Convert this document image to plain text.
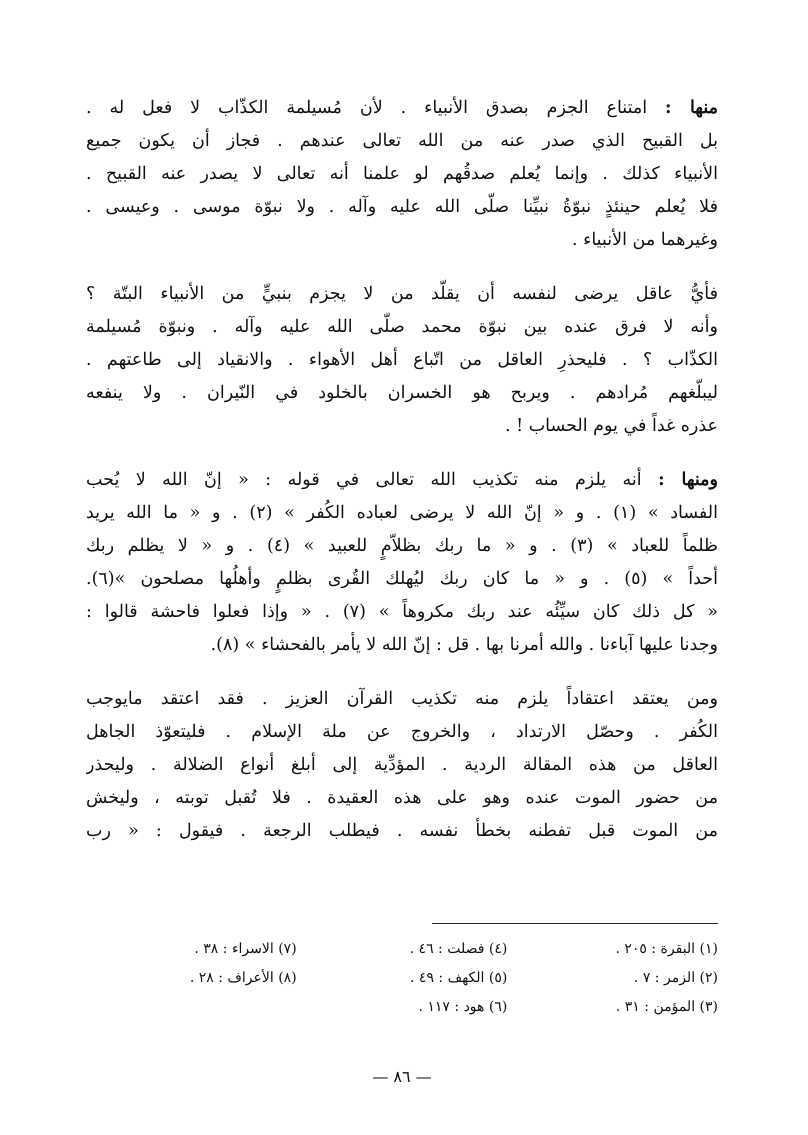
منها : امتناع الجزم بصدق الأنبياء . لأن مُسيلمة الكذّاب لا فعل له .
بل القبيح الذي صدر عنه من الله تعالى عندهم . فجاز أن يكون جميع
الأنبياء كذلك . وإنما يُعلم صدقُهم لو علمنا أنه تعالى لا يصدر عنه القبيح .
فلا يُعلم حينئذٍ نبوّةُ نبيِّنا صلّى الله عليه وآله . ولا نبوّة موسى . وعيسى .
وغيرهما من الأنبياء .
فأيُّ عاقل يرضى لنفسه أن يقلّد من لا يجزم بنبيٍّ من الأنبياء البتّة ؟
وأنه لا فرق عنده بين نبوّة محمد صلّى الله عليه وآله . ونبوّة مُسيلمة
الكذّاب ؟ . فليحذرِ العاقل من اتّباع أهل الأهواء . والانقياد إلى طاعتهم .
ليبلّغهم مُرادهم . ويربح هو الخسران بالخلود في النّيران . ولا ينفعه
عذره غداً في يوم الحساب ! .
ومنها : أنه يلزم منه تكذيب الله تعالى في قوله : « إنّ الله لا يُحب
الفساد » (١) . و « إنّ الله لا يرضى لعباده الكُفر » (٢) . و « ما الله يريد
ظلماً للعباد » (٣) . و « ما ربك بظلاّمٍ للعبيد » (٤) . و « لا يظلم ربك
أحداً » (٥) . و « ما كان ربك ليُهلك القُرى بظلمٍ وأهلُها مصلحون »(٦).
« كل ذلك كان سيِّئُه عند ربك مكروهاً » (٧) . « وإذا فعلوا فاحشة قالوا :
وجدنا عليها آباءنا . والله أمرنا بها . قل : إنّ الله لا يأمر بالفحشاء » (٨).
ومن يعتقد اعتقاداً يلزم منه تكذيب القرآن العزيز . فقد اعتقد مايوجب
الكُفر . وحصّل الارتداد ، والخروج عن ملة الإسلام . فليتعوّذ الجاهل
العاقل من هذه المقالة الردية . المؤدِّية إلى أبلغ أنواع الضلالة . وليحذر
من حضور الموت عنده وهو على هذه العقيدة . فلا تُقبل توبته ، وليخش
من الموت قبل تفطنه بخطأ نفسه . فيطلب الرجعة . فيقول : « رب
(١) البقرة : ٢٠٥ .
(٢) الزمر : ٧ .
(٣) المؤمن : ٣١ .
(٤) فصلت : ٤٦ .
(٥) الكهف : ٤٩ .
(٦) هود : ١١٧ .
(٧) الاسراء : ٣٨ .
(٨) الأعراف : ٢٨ .
— ٨٦ —
